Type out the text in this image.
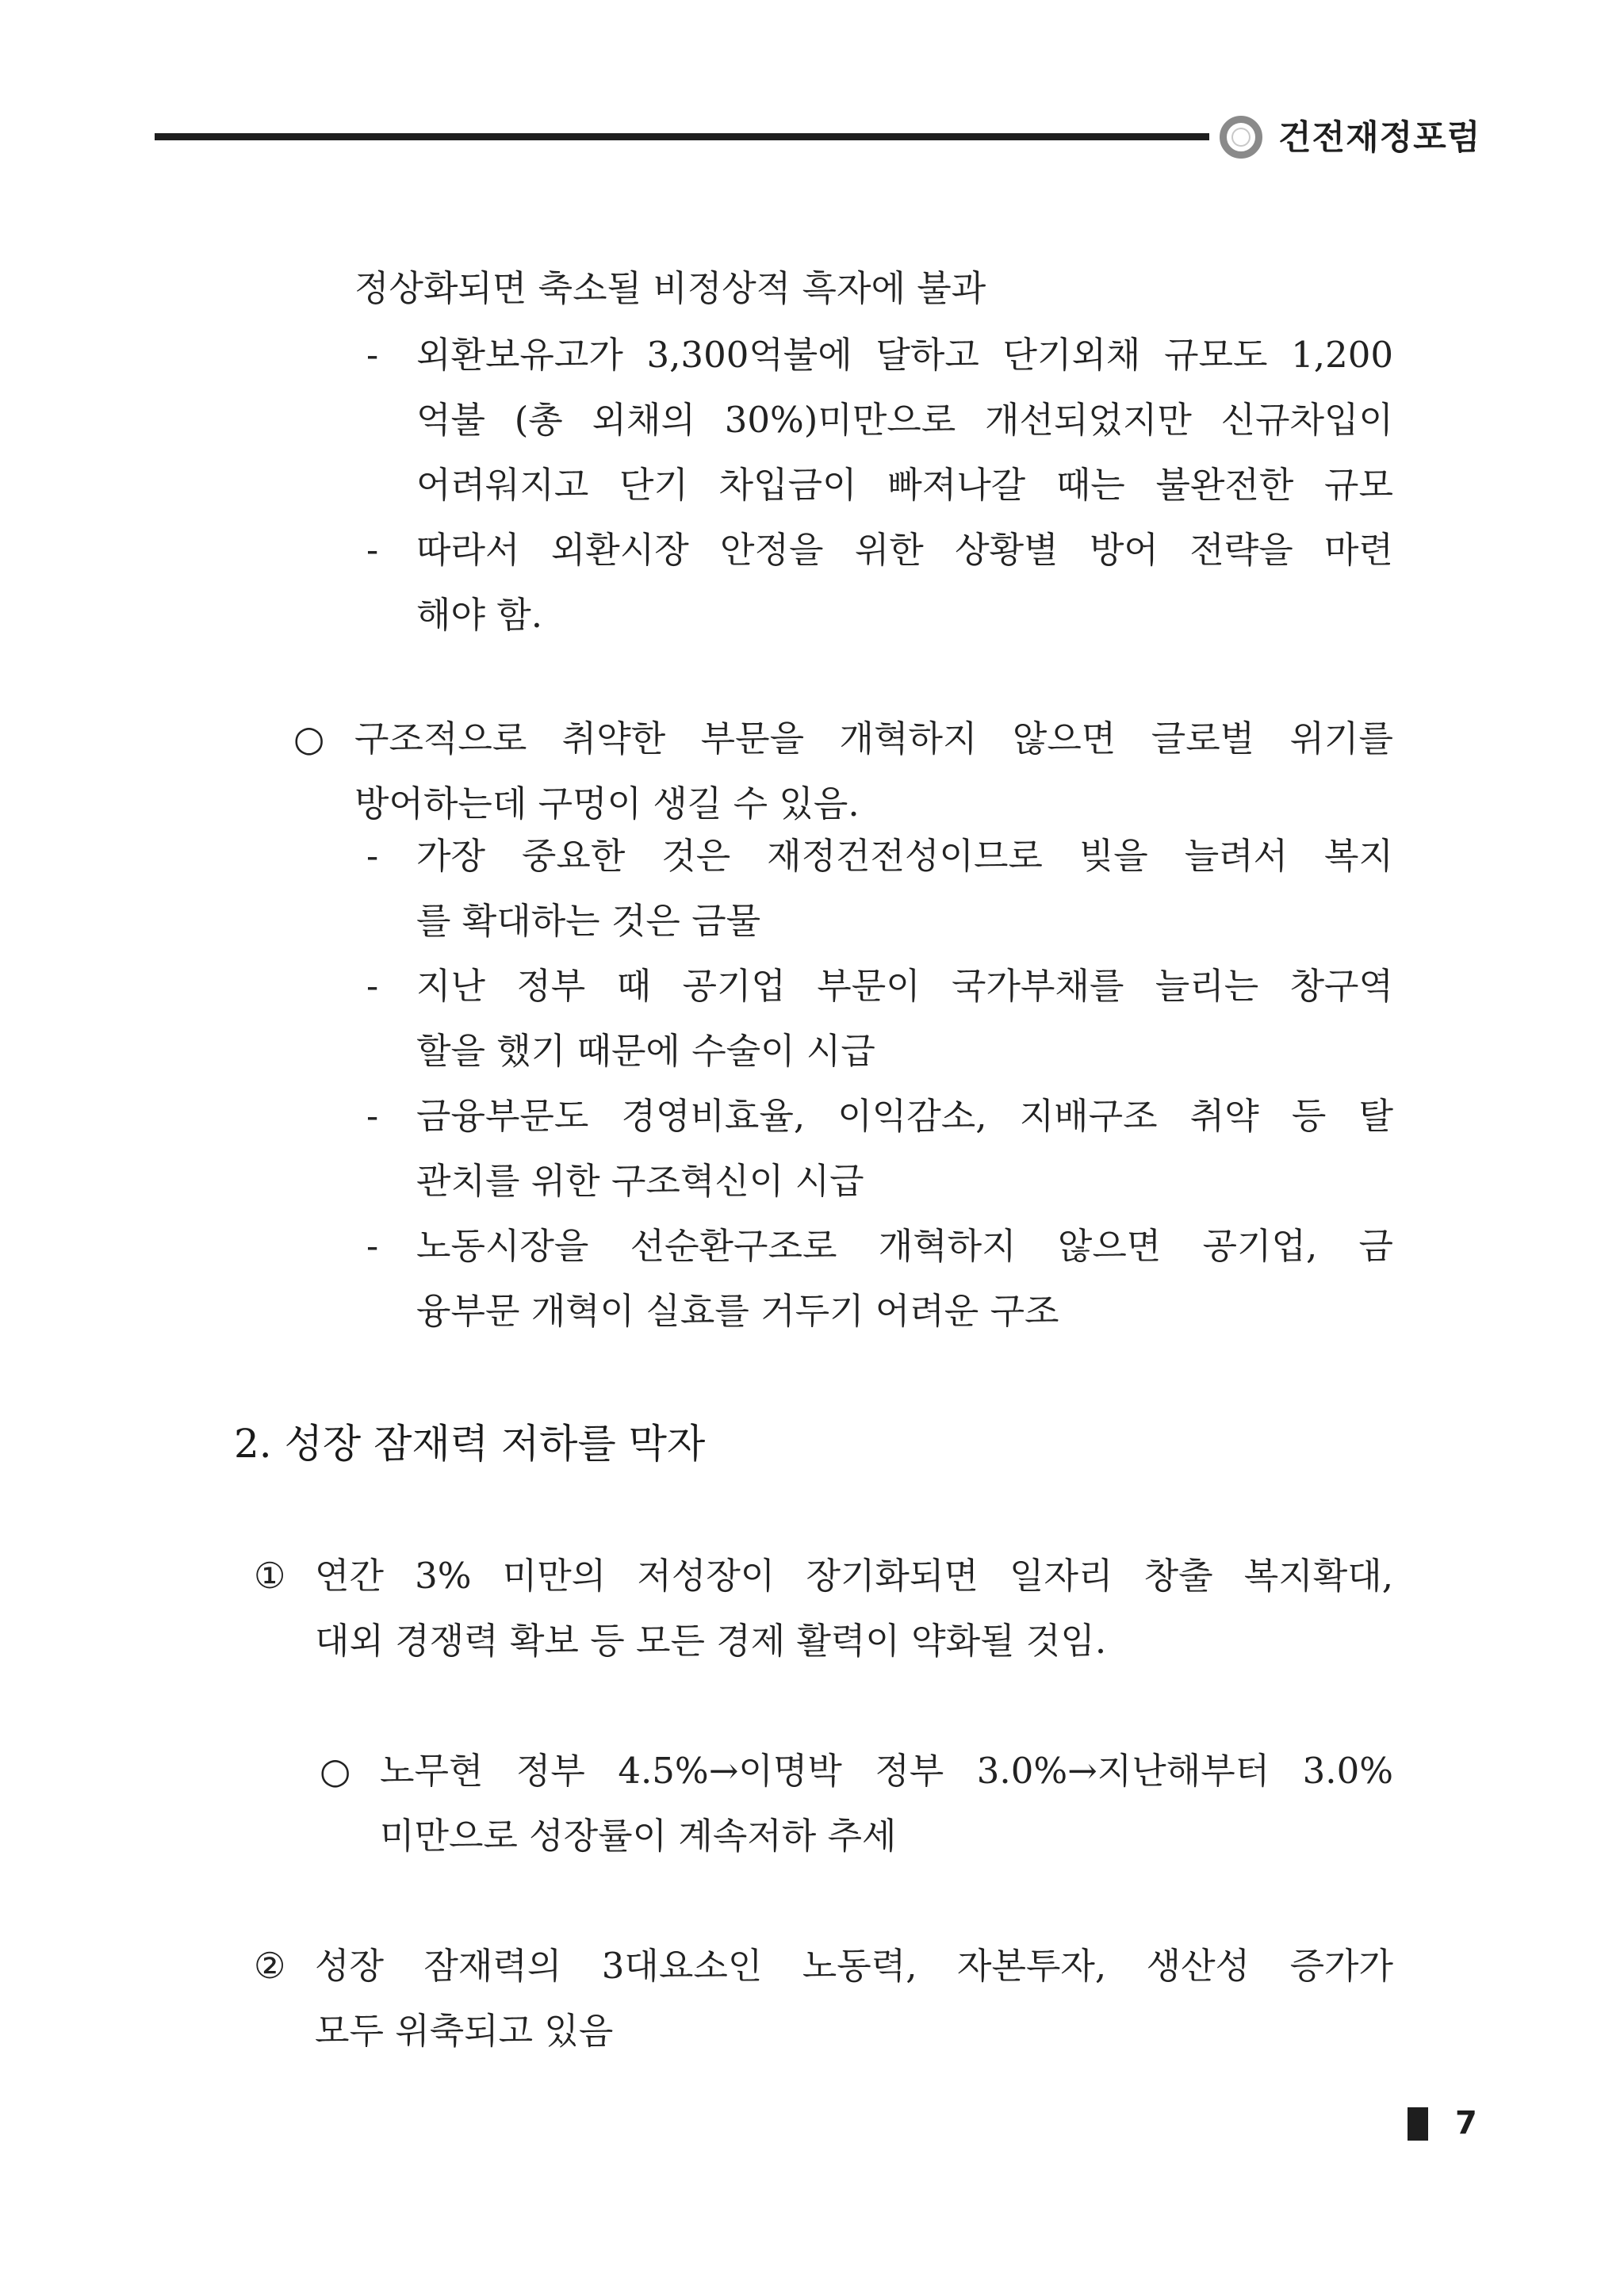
건전재정포럼
정상화되면 축소될 비정상적 흑자에 불과
- 외환보유고가 3,300억불에 달하고 단기외채 규모도 1,200
억불 (총 외채의 30%)미만으로 개선되었지만 신규차입이
어려워지고 단기 차입금이 빠져나갈 때는 불완전한 규모
- 따라서 외환시장 안정을 위한 상황별 방어 전략을 마련
해야 함.
○ 구조적으로 취약한 부문을 개혁하지 않으면 글로벌 위기를
방어하는데 구멍이 생길 수 있음.
- 가장 중요한 것은 재정건전성이므로 빚을 늘려서 복지
를 확대하는 것은 금물
- 지난 정부 때 공기업 부문이 국가부채를 늘리는 창구역
할을 했기 때문에 수술이 시급
- 금융부문도 경영비효율, 이익감소, 지배구조 취약 등 탈
관치를 위한 구조혁신이 시급
- 노동시장을 선순환구조로 개혁하지 않으면 공기업, 금
융부문 개혁이 실효를 거두기 어려운 구조
2. 성장 잠재력 저하를 막자
① 연간 3% 미만의 저성장이 장기화되면 일자리 창출 복지확대,
대외 경쟁력 확보 등 모든 경제 활력이 약화될 것임.
○ 노무현 정부 4.5%→이명박 정부 3.0%→지난해부터 3.0%
미만으로 성장률이 계속저하 추세
② 성장 잠재력의 3대요소인 노동력, 자본투자, 생산성 증가가
모두 위축되고 있음
7
